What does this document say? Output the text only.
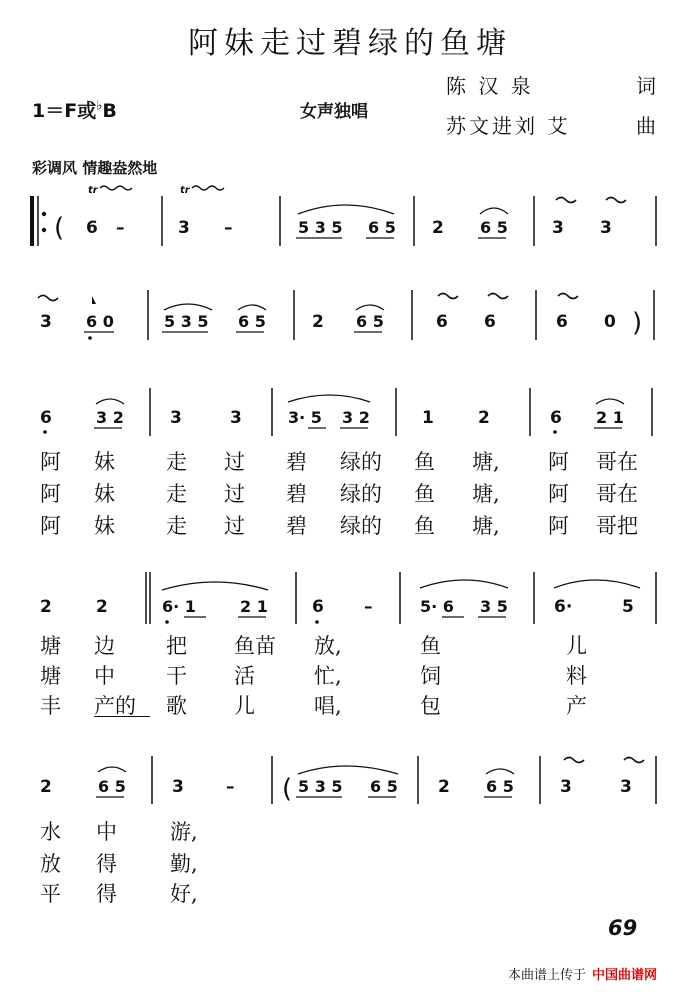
阿妹走过碧绿的鱼塘
1＝F或♭B	女声独唱
陈 汉 泉	词
苏文进刘 艾	曲
彩调风 情趣盎然地
( 6 –
tr
3 –
tr
5 3 5 6 5 2 6 5	3 3
3 6 0	5 3 5 6 5	2 6 5	6 6	6 0 )
6	3 2	3	3	3· 5 3 2	1	2	6 2 1
2	2	6· 1	2 1	6 –	5· 6 3 5	6·	5
2	6 5	3 – ( 5 3 5 6 5 2 6 5	3	3
阿 妹 走 过 碧 绿的 鱼 塘, 阿 哥在
阿 妹 走 过 碧 绿的 鱼 塘, 阿 哥在
阿 妹 走 过 碧 绿的 鱼 塘, 阿 哥把
塘 边 把 鱼苗 放,	鱼	儿
塘 中 干 活	忙,	饲	料
丰 产的 歌 儿	唱,	包	产
水 中	游,
放 得	勤,
平 得	好,
69
本曲谱上传于 中国曲谱网
